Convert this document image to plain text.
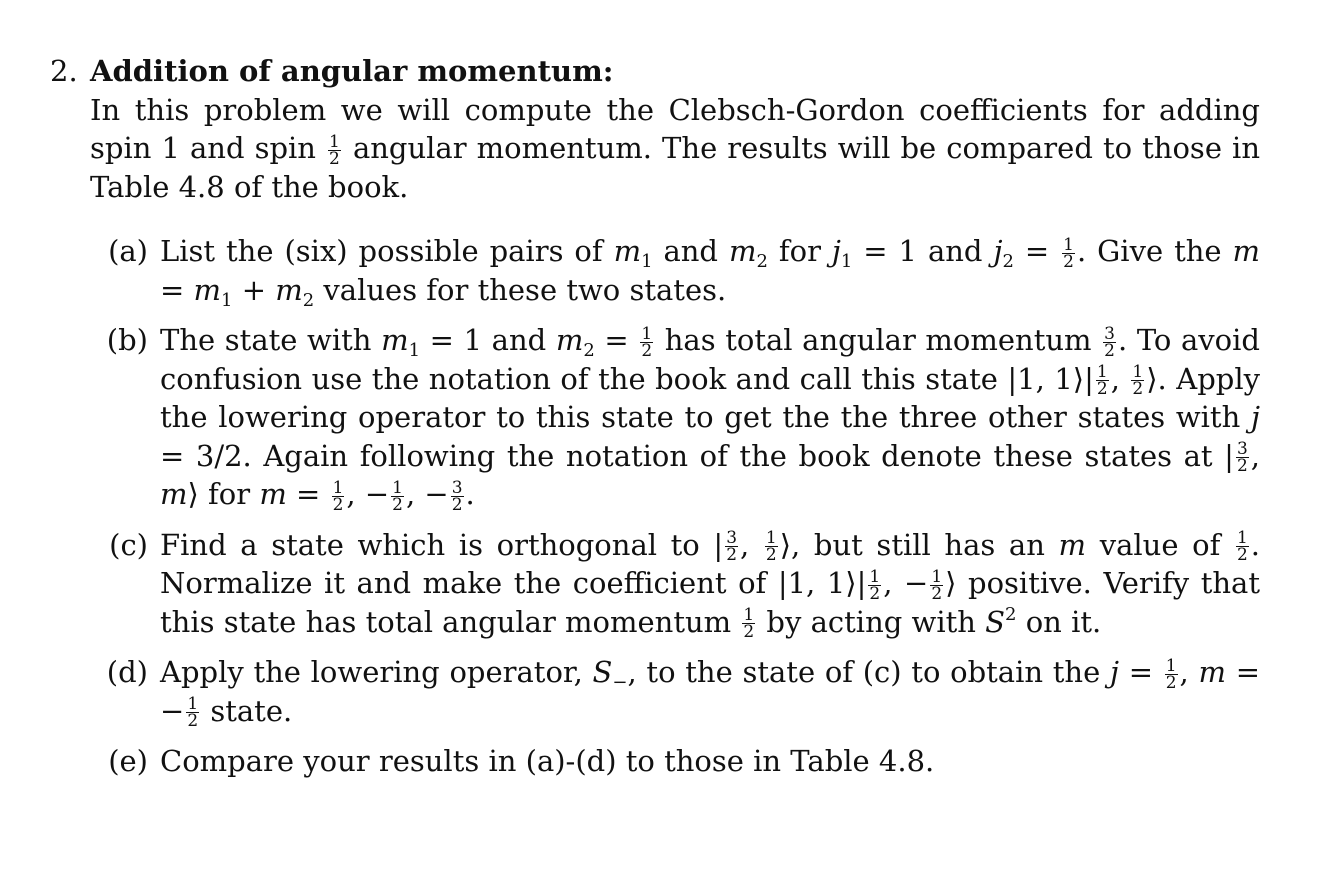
2. Addition of angular momentum:
In this problem we will compute the Clebsch-Gordon coefficients for adding spin 1 and spin $\frac{1}{2}$ angular momentum. The results will be compared to those in Table 4.8 of the book.
(a) List the (six) possible pairs of $m_1$ and $m_2$ for $j_1 = 1$ and $j_2 = \frac{1}{2}$ . Give the $m = m_1 + m_2$ values for these two states.
(b) The state with $m_1 = 1$ and $m_2 = \frac{1}{2}$ has total angular momentum $\frac{3}{2}$ . To avoid confusion use the notation of the book and call this state |1, 1⟩| $\frac{1}{2}$ , $\frac{1}{2}$ ⟩. Apply the lowering operator to this state to get the the three other states with j = 3/2. Again following the notation of the book denote these states at | $\frac{3}{2}$ , m⟩ for $m = \frac{1}{2}$ , − $\frac{1}{2}$ , − $\frac{3}{2}$ .
(c) Find a state which is orthogonal to | $\frac{3}{2}$ , $\frac{1}{2}$ ⟩, but still has an m value of $\frac{1}{2}$ . Normalize it and make the coefficient of |1, 1⟩| $\frac{1}{2}$ , − $\frac{1}{2}$ ⟩ positive. Verify that this state has total angular momentum $\frac{1}{2}$ by acting with $S^2$ on it.
(d) Apply the lowering operator, $S_-$, to the state of (c) to obtain the $j = \frac{1}{2}$ , m = − $\frac{1}{2}$ state.
(e) Compare your results in (a)-(d) to those in Table 4.8.
